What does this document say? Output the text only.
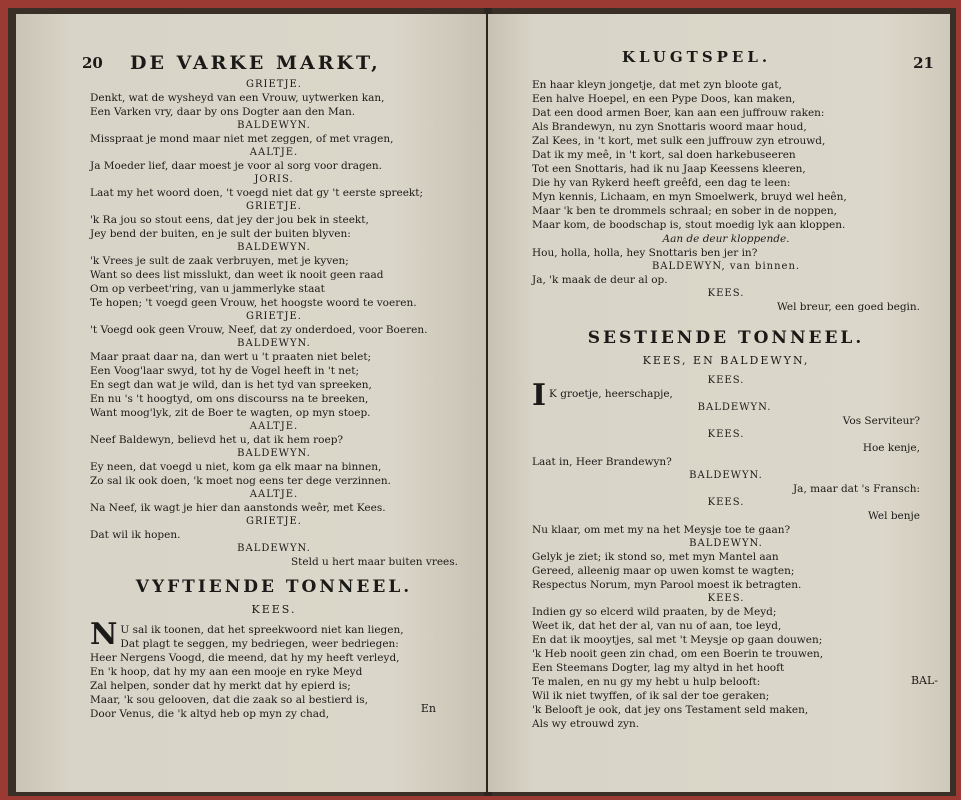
20 DE VARKE MARKT,
GRIETJE.
Denkt, wat de wysheyd van een Vrouw, uytwerken kan,
Een Varken vry, daar by ons Dogter aan den Man.
BALDEWYN.
Misspraat je mond maar niet met zeggen, of met vragen,
AALTJE.
Ja Moeder lief, daar moest je voor al sorg voor dragen.
JORIS.
Laat my het woord doen, 't voegd niet dat gy 't eerste spreekt;
GRIETJE.
'k Ra jou so stout eens, dat jey der jou bek in steekt,
Jey bend der buiten, en je sult der buiten blyven:
BALDEWYN.
'k Vrees je sult de zaak verbruyen, met je kyven;
Want so dees list misslukt, dan weet ik nooit geen raad
Om op verbeet'ring, van u jammerlyke staat
Te hopen; 't voegd geen Vrouw, het hoogste woord te voeren.
GRIETJE.
't Voegd ook geen Vrouw, Neef, dat zy onderdoed, voor Boeren.
BALDEWYN.
Maar praat daar na, dan wert u 't praaten niet belet;
Een Voog'laar swyd, tot hy de Vogel heeft in 't net;
En segt dan wat je wild, dan is het tyd van spreeken,
En nu 's 't hoogtyd, om ons discourss na te breeken,
Want moog'lyk, zit de Boer te wagten, op myn stoep.
AALTJE.
Neef Baldewyn, believd het u, dat ik hem roep?
BALDEWYN.
Ey neen, dat voegd u niet, kom ga elk maar na binnen,
Zo sal ik ook doen, 'k moet nog eens ter dege verzinnen.
AALTJE.
Na Neef, ik wagt je hier dan aanstonds weêr, met Kees.
GRIETJE.
Dat wil ik hopen.
BALDEWYN.
Steld u hert maar buiten vrees.
VYFTIENDE TONNEEL.
KEES.
N U sal ik toonen, dat het spreekwoord niet kan liegen,
Dat plagt te seggen, my bedriegen, weer bedriegen:
Heer Nergens Voogd, die meend, dat hy my heeft verleyd,
En 'k hoop, dat hy my aan een mooje en ryke Meyd
Zal helpen, sonder dat hy merkt dat hy epierd is;
Maar, 'k sou gelooven, dat die zaak so al bestierd is,
Door Venus, die 'k altyd heb op myn zy chad,	En
KLUGTSPEL.	21
En haar kleyn jongetje, dat met zyn bloote gat,
Een halve Hoepel, en een Pype Doos, kan maken,
Dat een dood armen Boer, kan aan een juffrouw raken:
Als Brandewyn, nu zyn Snottaris woord maar houd,
Zal Kees, in 't kort, met sulk een juffrouw zyn etrouwd,
Dat ik my meê, in 't kort, sal doen harkebuseeren
Tot een Snottaris, had ik nu Jaap Keessens kleeren,
Die hy van Rykerd heeft greêfd, een dag te leen:
Myn kennis, Lichaam, en myn Smoelwerk, bruyd wel heên,
Maar 'k ben te drommels schraal; en sober in de noppen,
Maar kom, de boodschap is, stout moedig lyk aan kloppen.
Aan de deur kloppende.
Hou, holla, holla, hey Snottaris ben jer in?
BALDEWYN, van binnen.
Ja, 'k maak de deur al op.
KEES.
Wel breur, een goed begin.
SESTIENDE TONNEEL.
KEES, EN BALDEWYN,
KEES.
I K groetje, heerschapje,
BALDEWYN.
Vos Serviteur?
KEES.
Hoe kenje,
Laat in, Heer Brandewyn?
BALDEWYN.
Ja, maar dat 's Fransch:
KEES.
Wel benje
Nu klaar, om met my na het Meysje toe te gaan?
BALDEWYN.
Gelyk je ziet; ik stond so, met myn Mantel aan
Gereed, alleenig maar op uwen komst te wagten;
Respectus Norum, myn Parool moest ik betragten.
KEES.
Indien gy so elcerd wild praaten, by de Meyd;
Weet ik, dat het der al, van nu of aan, toe leyd,
En dat ik mooytjes, sal met 't Meysje op gaan douwen;
'k Heb nooit geen zin chad, om een Boerin te trouwen,
Een Steemans Dogter, lag my altyd in het hooft
Te malen, en nu gy my hebt u hulp belooft:
Wil ik niet twyffen, of ik sal der toe geraken;
'k Belooft je ook, dat jey ons Testament seld maken,
Als wy etrouwd zyn.
BAL-
